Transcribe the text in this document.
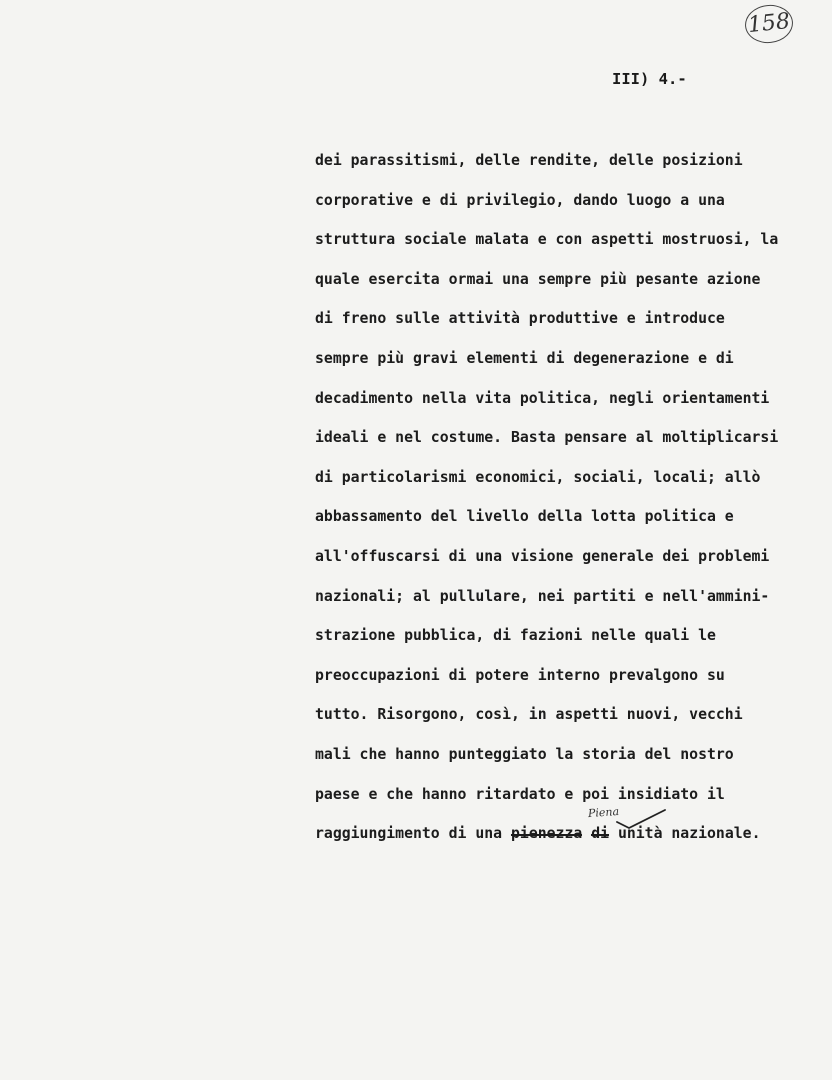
158
III) 4.-
dei parassitismi, delle rendite, delle posizioni
corporative e di privilegio, dando luogo a una
struttura sociale malata e con aspetti mostruosi, la
quale esercita ormai una sempre più pesante azione
di freno sulle attività produttive e introduce
sempre più gravi elementi di degenerazione e di
decadimento nella vita politica, negli orientamenti
ideali e nel costume. Basta pensare al moltiplicarsi
di particolarismi economici, sociali, locali; allò
abbassamento del livello della lotta politica e
all'offuscarsi di una visione generale dei problemi
nazionali; al pullulare, nei partiti e nell'ammini-
strazione pubblica, di fazioni nelle quali le
preoccupazioni di potere interno prevalgono su
tutto. Risorgono, così, in aspetti nuovi, vecchi
mali che hanno punteggiato la storia del nostro
paese e che hanno ritardato e poi insidiato il
raggiungimento di una pienezza di unità nazionale.
Piena
